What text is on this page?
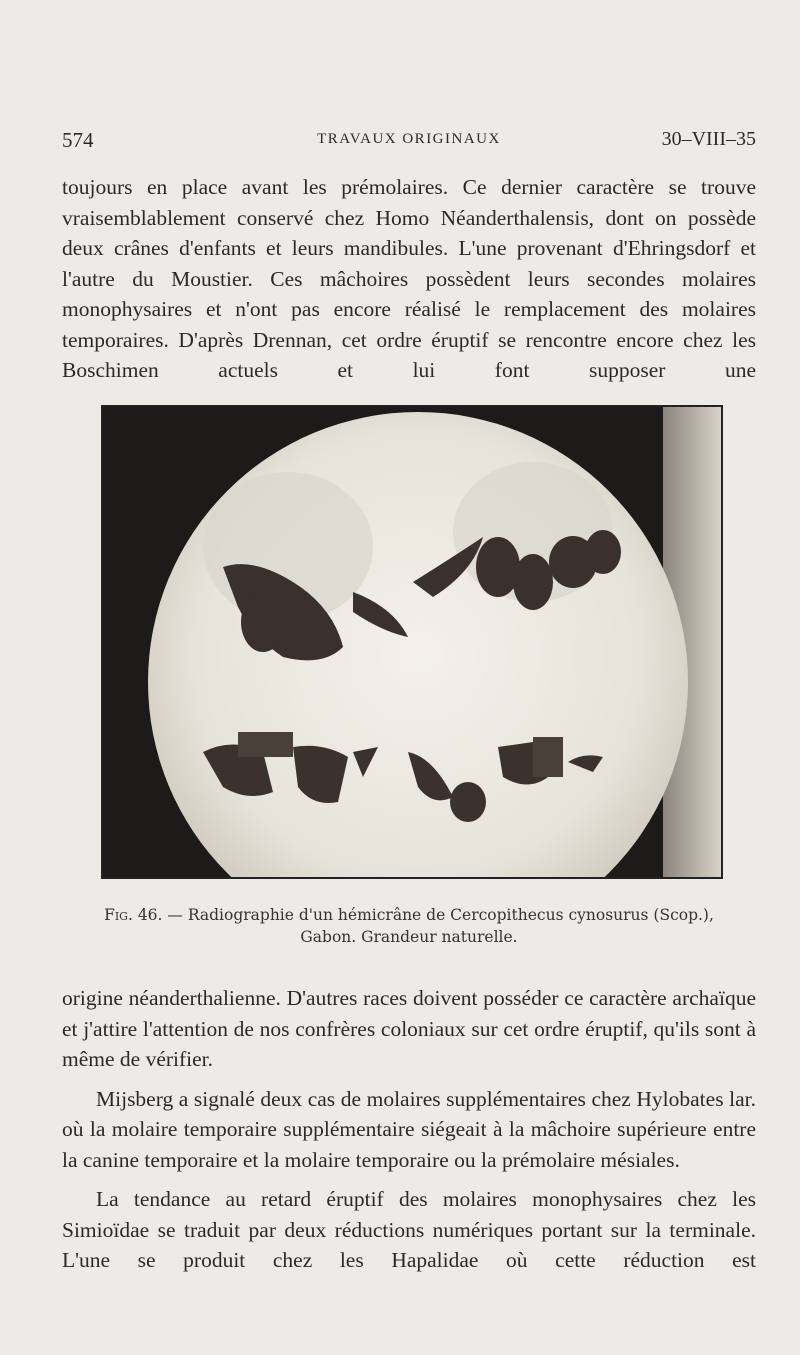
574	TRAVAUX ORIGINAUX	30–VIII–35

toujours en place avant les prémolaires. Ce dernier caractère se trouve vraisemblablement conservé chez Homo Néanderthalensis, dont on possède deux crânes d'enfants et leurs mandibules. L'une provenant d'Ehringsdorf et l'autre du Moustier. Ces mâchoires possèdent leurs secondes molaires monophysaires et n'ont pas encore réalisé le remplacement des molaires temporaires. D'après Drennan, cet ordre éruptif se rencontre encore chez les Boschimen actuels et lui font supposer une

Fig. 46. — Radiographie d'un hémicrâne de Cercopithecus cynosurus (Scop.),
Gabon. Grandeur naturelle.

origine néanderthalienne. D'autres races doivent posséder ce caractère archaïque et j'attire l'attention de nos confrères coloniaux sur cet ordre éruptif, qu'ils sont à même de vérifier.

Mijsberg a signalé deux cas de molaires supplémentaires chez Hylobates lar. où la molaire temporaire supplémentaire siégeait à la mâchoire supérieure entre la canine temporaire et la molaire temporaire ou la prémolaire mésiales.

La tendance au retard éruptif des molaires monophysaires chez les Simioïdae se traduit par deux réductions numériques portant sur la terminale. L'une se produit chez les Hapalidae où cette réduction est
